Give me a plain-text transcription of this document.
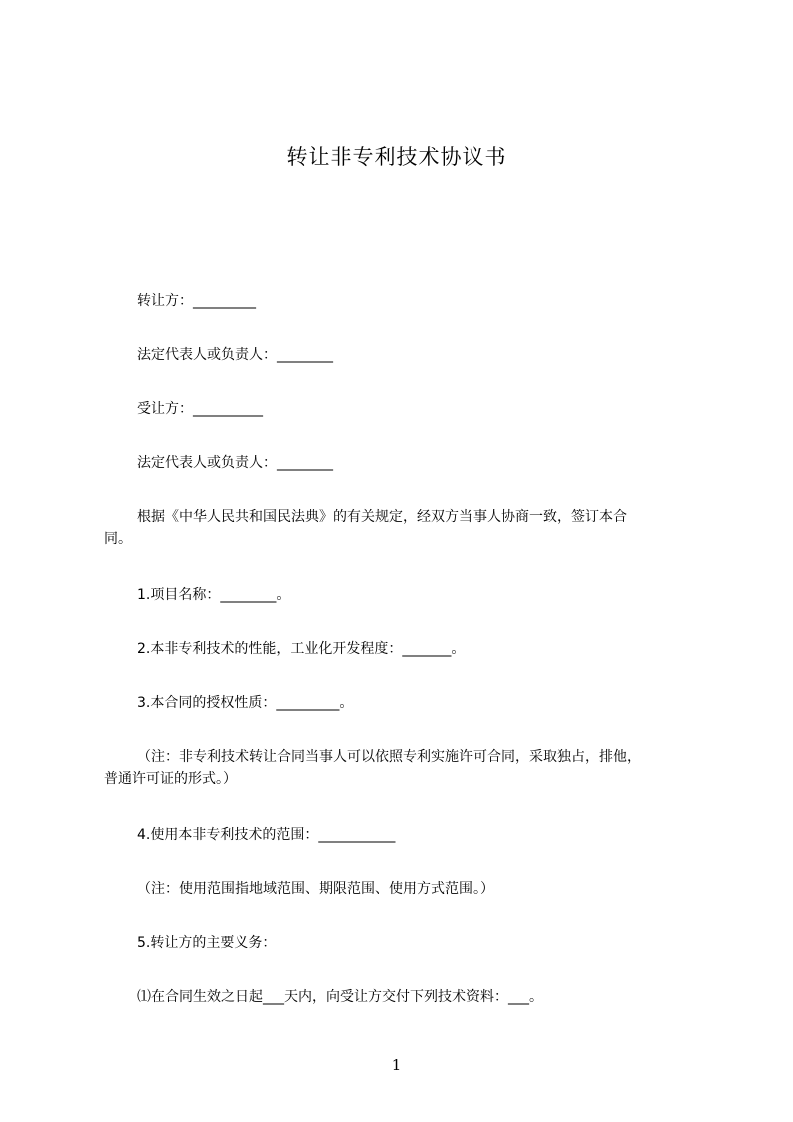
转让非专利技术协议书
转让方：_________
法定代表人或负责人：________
受让方：__________
法定代表人或负责人：________
根据《中华人民共和国民法典》的有关规定，经双方当事人协商一致，签订本合
同。
1.项目名称：________。
2.本非专利技术的性能，工业化开发程度：_______。
3.本合同的授权性质：_________。
（注：非专利技术转让合同当事人可以依照专利实施许可合同，采取独占，排他，
普通许可证的形式。）
4.使用本非专利技术的范围：___________
（注：使用范围指地域范围、期限范围、使用方式范围。）
5.转让方的主要义务：
⑴在合同生效之日起___天内，向受让方交付下列技术资料：___。
1
